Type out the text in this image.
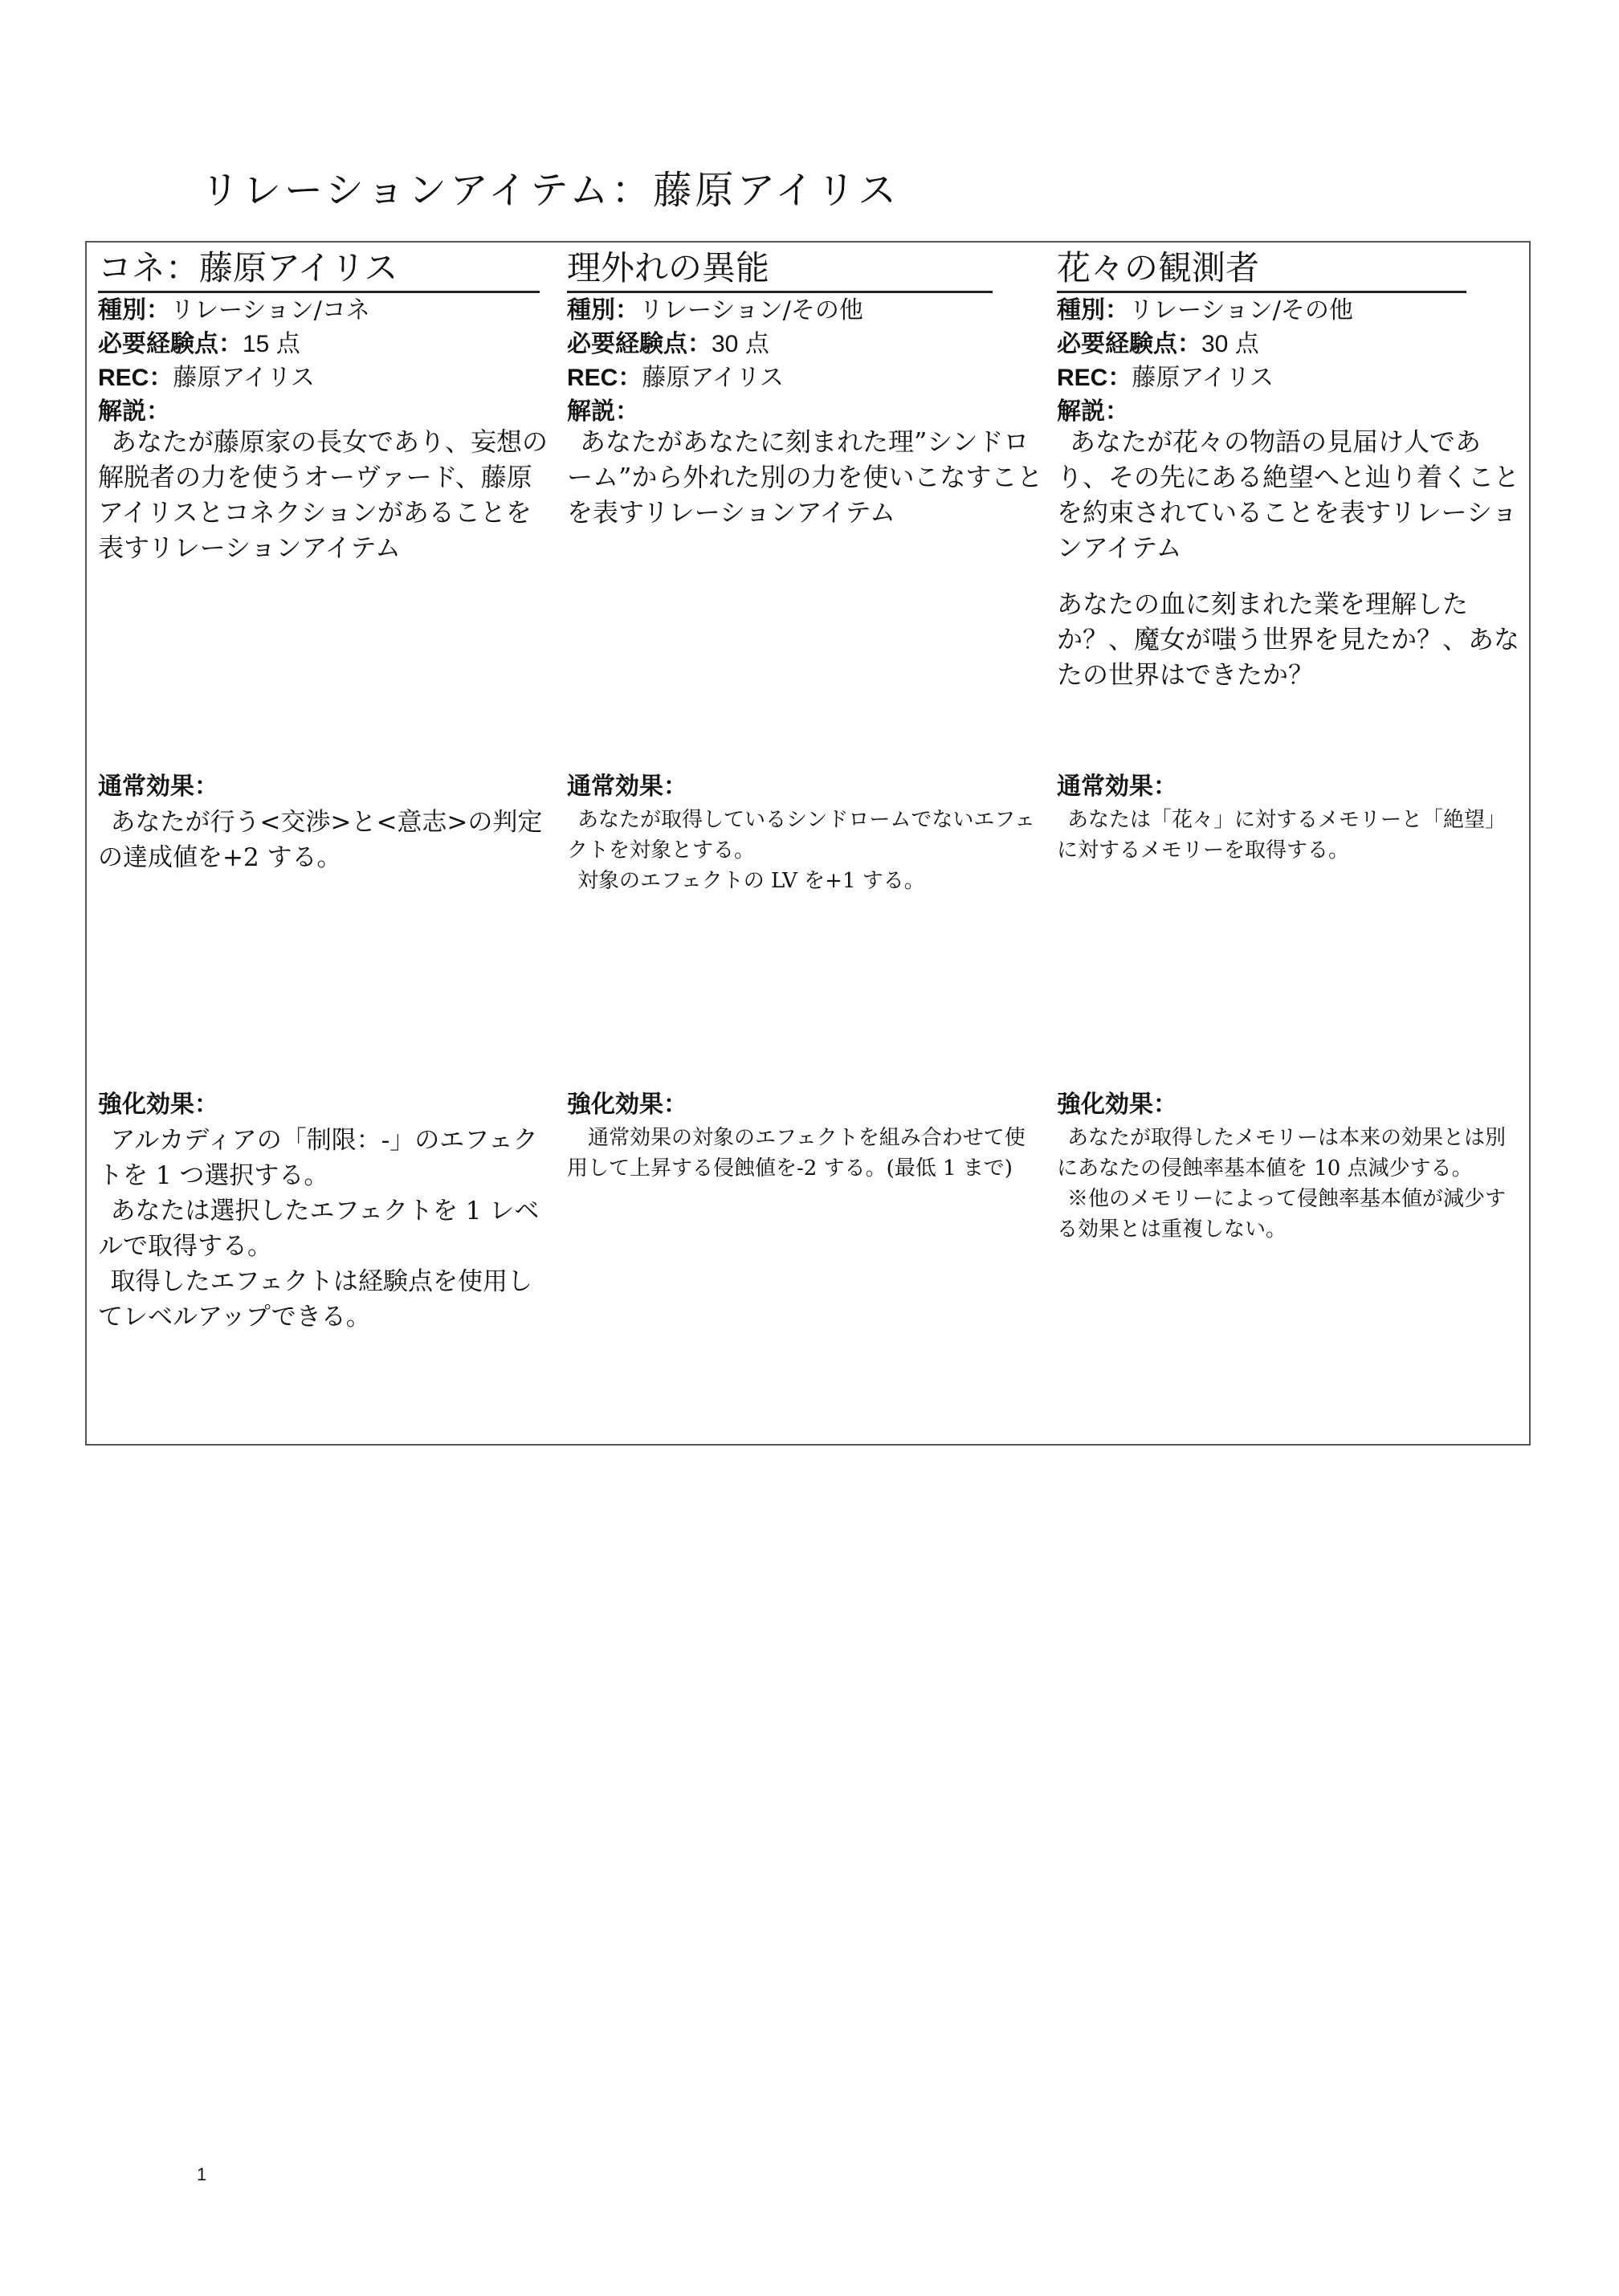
リレーションアイテム：藤原アイリス
コネ：藤原アイリス
種別：リレーション/コネ
必要経験点：15 点
REC：藤原アイリス
解説：

 あなたが藤原家の長女であり、妄想の解脱者の力を使うオーヴァード、藤原アイリスとコネクションがあることを表すリレーションアイテム

通常効果：

 あなたが行う<交渉>と<意志>の判定の達成値を+2 する。

強化効果：

 アルカディアの「制限：-」のエフェクトを 1 つ選択する。

 あなたは選択したエフェクトを 1 レベルで取得する。

 取得したエフェクトは経験点を使用してレベルアップできる。

理外れの異能
種別：リレーション/その他
必要経験点：30 点
REC：藤原アイリス
解説：

 あなたがあなたに刻まれた理”シンドローム”から外れた別の力を使いこなすことを表すリレーションアイテム

通常効果：

 あなたが取得しているシンドロームでないエフェクトを対象とする。

 対象のエフェクトの LV を+1 する。

強化効果：

 通常効果の対象のエフェクトを組み合わせて使用して上昇する侵蝕値を-2 する。(最低 1 まで)

花々の観測者
種別：リレーション/その他
必要経験点：30 点
REC：藤原アイリス
解説：

 あなたが花々の物語の見届け人であり、その先にある絶望へと辿り着くことを約束されていることを表すリレーションアイテム

あなたの血に刻まれた業を理解したか？、魔女が嗤う世界を見たか？、あなたの世界はできたか？

通常効果：

 あなたは「花々」に対するメモリーと「絶望」に対するメモリーを取得する。

強化効果：

 あなたが取得したメモリーは本来の効果とは別にあなたの侵蝕率基本値を 10 点減少する。

 ※他のメモリーによって侵蝕率基本値が減少する効果とは重複しない。

1
